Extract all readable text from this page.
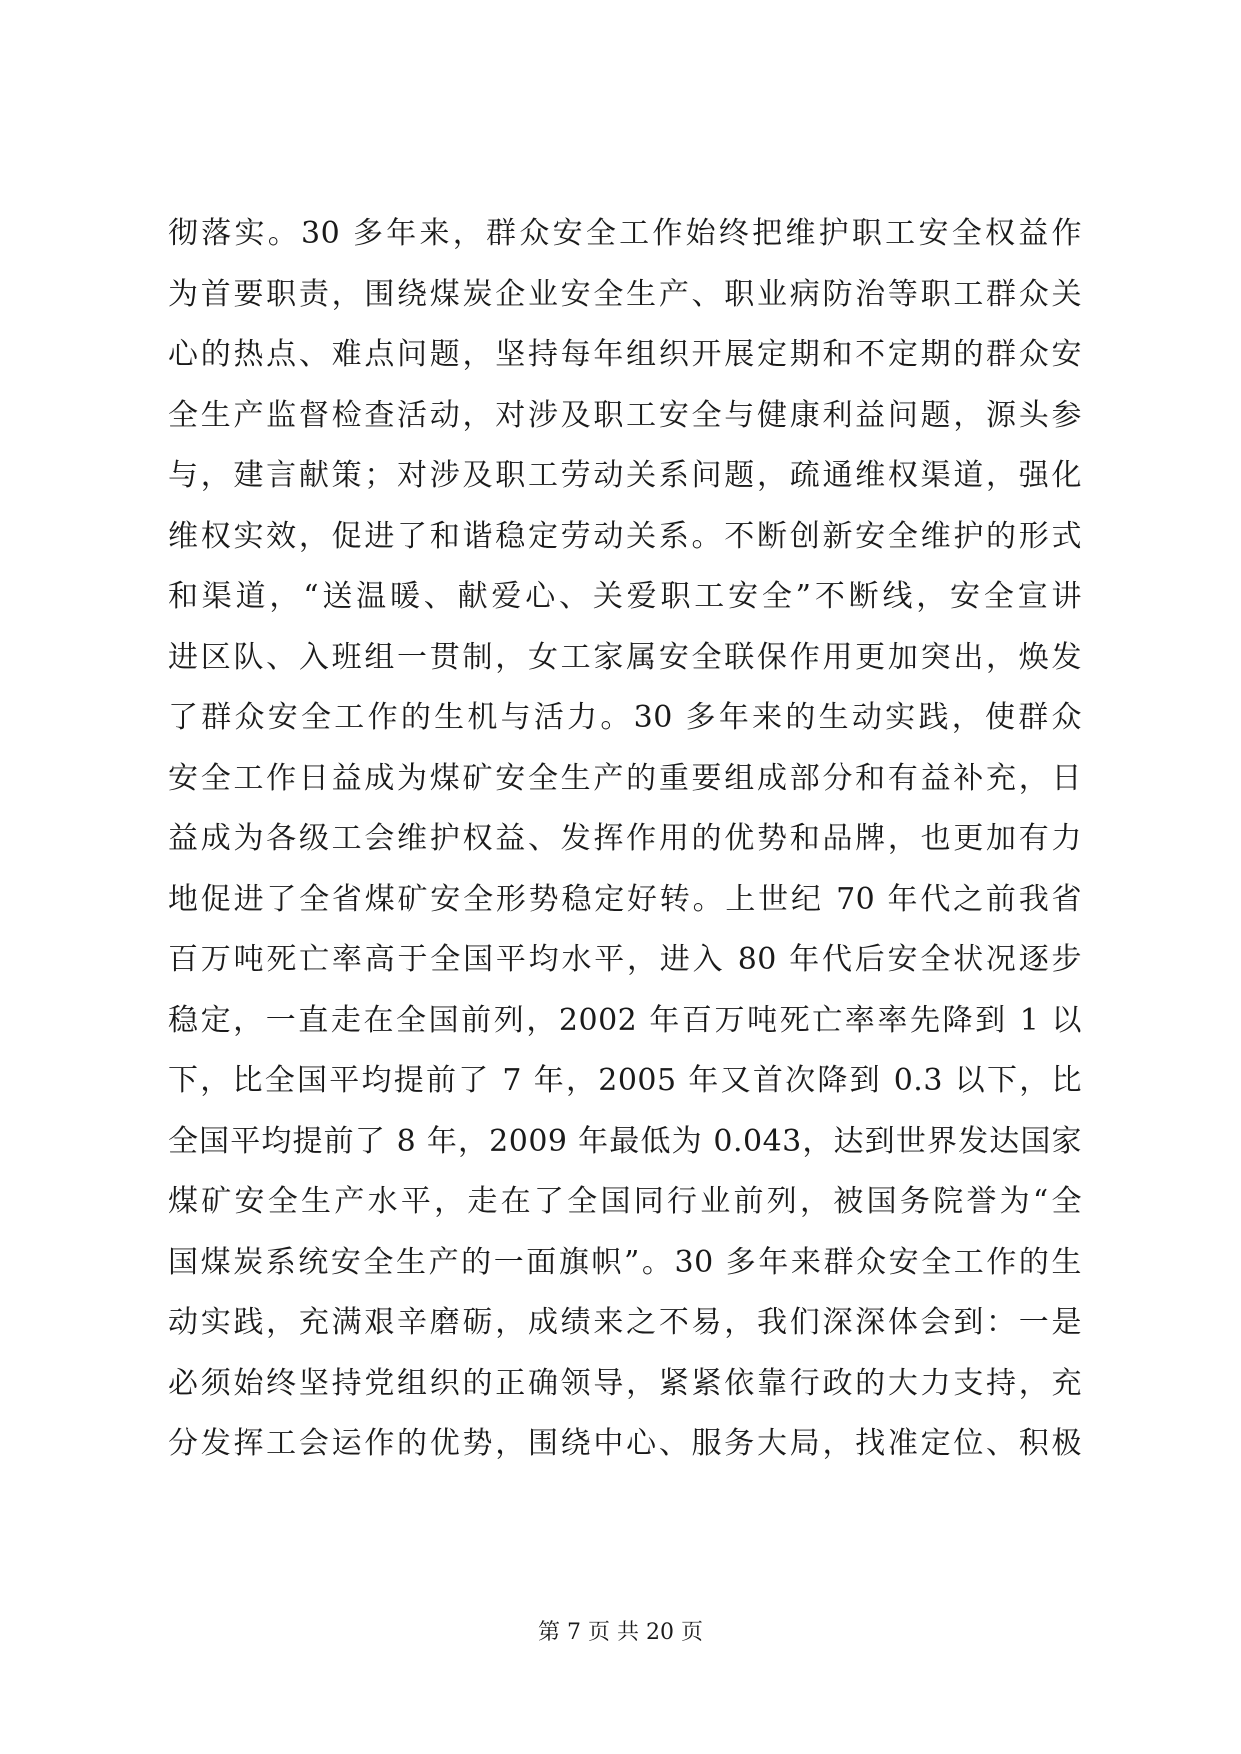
彻落实。30 多年来，群众安全工作始终把维护职工安全权益作
为首要职责，围绕煤炭企业安全生产、职业病防治等职工群众关
心的热点、难点问题，坚持每年组织开展定期和不定期的群众安
全生产监督检查活动，对涉及职工安全与健康利益问题，源头参
与，建言献策；对涉及职工劳动关系问题，疏通维权渠道，强化
维权实效，促进了和谐稳定劳动关系。不断创新安全维护的形式
和渠道，“送温暖、献爱心、关爱职工安全”不断线，安全宣讲
进区队、入班组一贯制，女工家属安全联保作用更加突出，焕发
了群众安全工作的生机与活力。30 多年来的生动实践，使群众
安全工作日益成为煤矿安全生产的重要组成部分和有益补充，日
益成为各级工会维护权益、发挥作用的优势和品牌，也更加有力
地促进了全省煤矿安全形势稳定好转。上世纪 70 年代之前我省
百万吨死亡率高于全国平均水平，进入 80 年代后安全状况逐步
稳定，一直走在全国前列，2002 年百万吨死亡率率先降到 1 以
下，比全国平均提前了 7 年，2005 年又首次降到 0.3 以下，比
全国平均提前了 8 年，2009 年最低为 0.043，达到世界发达国家
煤矿安全生产水平，走在了全国同行业前列，被国务院誉为“全
国煤炭系统安全生产的一面旗帜”。30 多年来群众安全工作的生
动实践，充满艰辛磨砺，成绩来之不易，我们深深体会到：一是
必须始终坚持党组织的正确领导，紧紧依靠行政的大力支持，充
分发挥工会运作的优势，围绕中心、服务大局，找准定位、积极
第 7 页 共 20 页
